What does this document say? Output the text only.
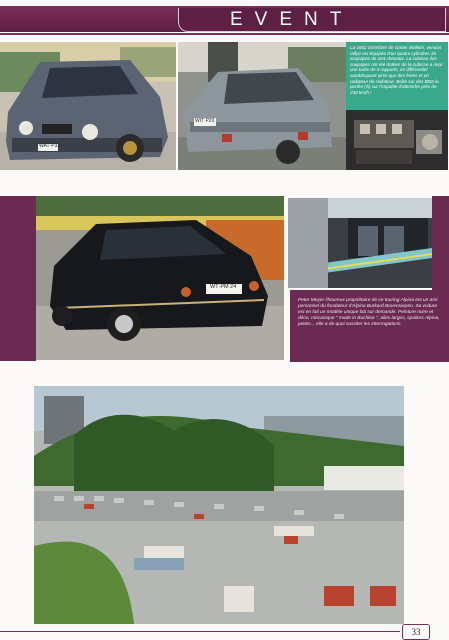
EVENT
WAT·P32
WIT P20
La 1602 Schnitzer de Gärter Walkim, version rallye est équipée d'un quatre cylindres 16 soupapes de 204 chevaux. La culasse des soupapes ont été dotées de la culasse a reçu une boîte de 5 rapports, ce différentiel autobloquant ainsi que des freins et un radiateur de radiateur. Boîte sur des BBS la portée (S) sur l'capable d'atteindre près de 230 km/h !
WT·PM 24
Peter Meyer l'heureux propriétaire de ce touring Alpina est un ami personnel du fondateur d'Alpina Burkard Bovensiepen. Sa voiture est en fait un modèle unique fait sur demande. Peinture noire et déco, mécanique " made in Buchloe ", ailes larges, spoilers Alpina, jantes... elle a de quoi susciter les interrogations.
33
